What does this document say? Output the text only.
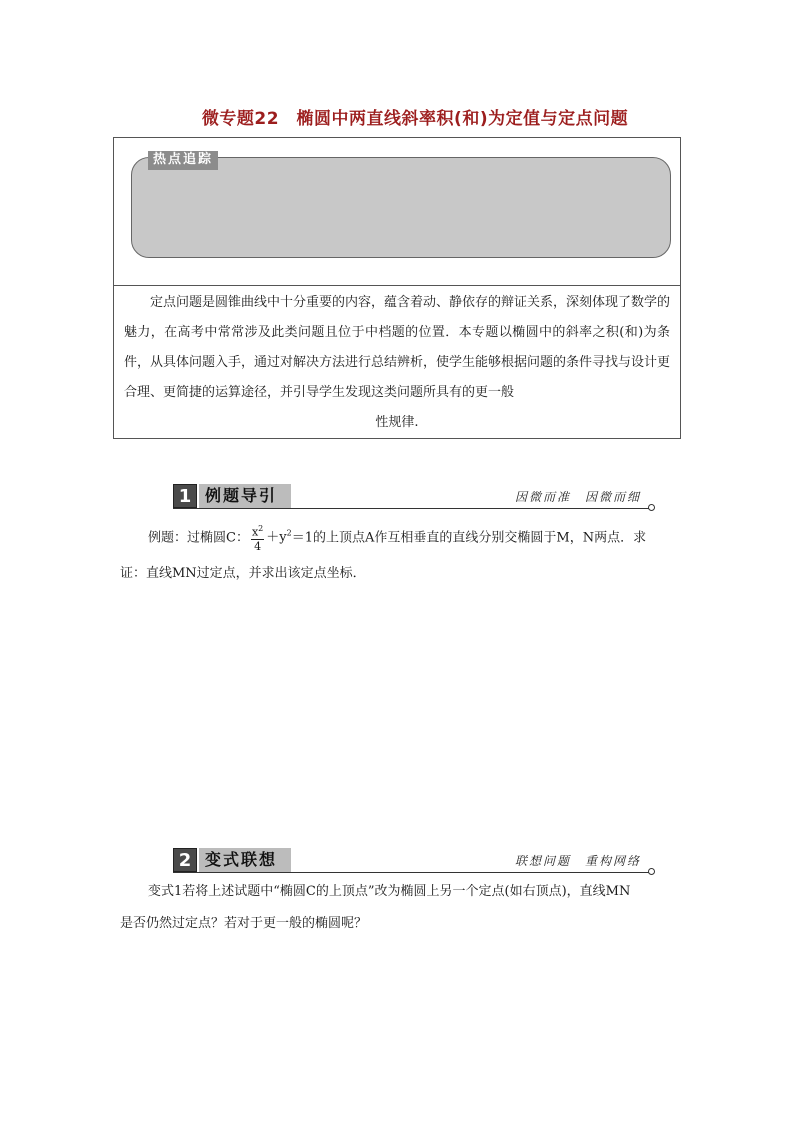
微专题22　椭圆中两直线斜率积(和)为定值与定点问题
热点追踪
定点问题是圆锥曲线中十分重要的内容，蕴含着动、静依存的辩证关系，深刻体现了数学的魅力，在高考中常常涉及此类问题且位于中档题的位置．本专题以椭圆中的斜率之积(和)为条件，从具体问题入手，通过对解决方法进行总结辨析，使学生能够根据问题的条件寻找与设计更合理、更简捷的运算途径，并引导学生发现这类问题所具有的更一般
性规律.
1 例题导引	因微而准　因微而细
例题：过椭圆C： $\frac{x^2}{4} +y^2=1$的上顶点A作互相垂直的直线分别交椭圆于M，N两点．求
证：直线MN过定点，并求出该定点坐标．
2 变式联想	联想问题　重构网络
变式1若将上述试题中“椭圆C的上顶点”改为椭圆上另一个定点(如右顶点)，直线MN
是否仍然过定点？若对于更一般的椭圆呢？
